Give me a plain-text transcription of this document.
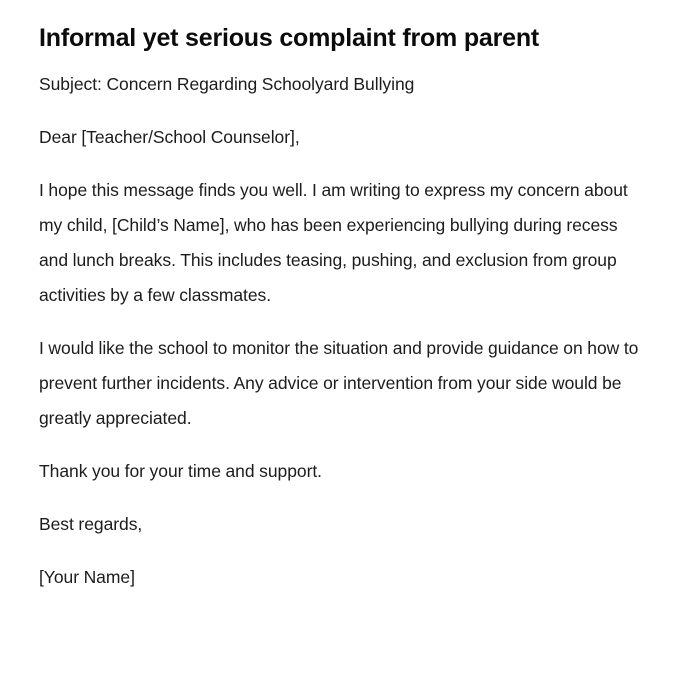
Informal yet serious complaint from parent

Subject: Concern Regarding Schoolyard Bullying

Dear [Teacher/School Counselor],

I hope this message finds you well. I am writing to express my concern about my child, [Child’s Name], who has been experiencing bullying during recess and lunch breaks. This includes teasing, pushing, and exclusion from group activities by a few classmates.

I would like the school to monitor the situation and provide guidance on how to prevent further incidents. Any advice or intervention from your side would be greatly appreciated.

Thank you for your time and support.

Best regards,

[Your Name]
